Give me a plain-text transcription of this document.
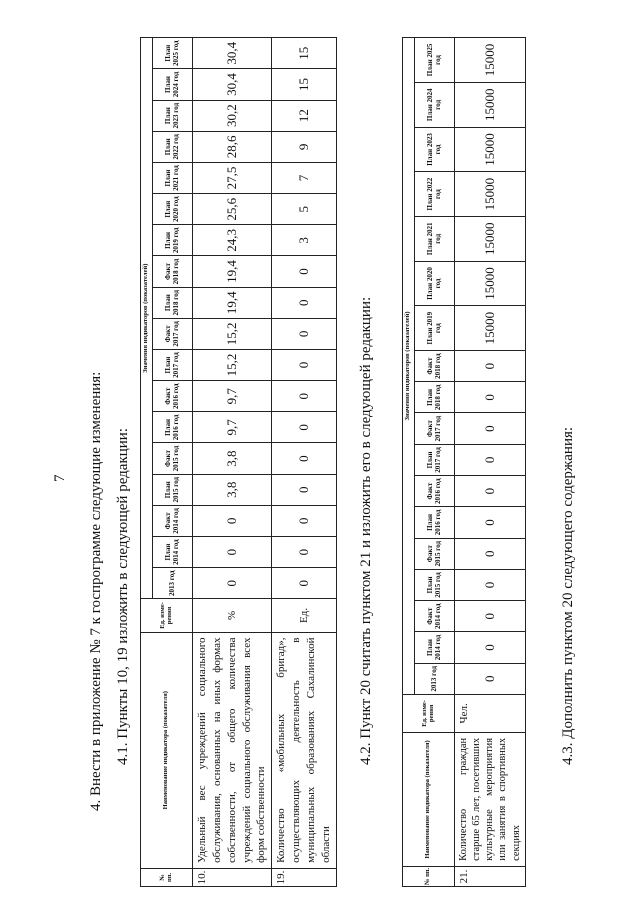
7 4. Внести в приложение № 7 к госпрограмме следующие изменения: 4.1. Пункты 10, 19 изложить в следующей редакции:
№ пп.	Наименование индикатора (показателя)	Ед. изме- рения	Значения индикаторов (показателей)																	
			2013 год	План 2014 год	Факт 2014 год	План 2015 год	Факт 2015 год	План 2016 год	Факт 2016 год	План 2017 год	Факт 2017 год	План 2018 год	Факт 2018 год	План 2019 год	План 2020 год	План 2021 год	План 2022 год	План 2023 год	План 2024 год	План 2025 год
10.	Удельный вес учреждений социального обслуживания, основанных на иных формах собственности, от общего количества учреждений социального обслуживания всех форм собственности	%	0	0	0	3,8	3,8	9,7	9,7	15,2	15,2	19,4	19,4	24,3	25,6	27,5	28,6	30,2	30,4	30,4
19.	Количество «мобильных бригад», осуществляющих деятельность в муниципальных образованиях Сахалинской области	Ед.	0	0	0	0	0	0	0	0	0	0	0	3	5	7	9	12	15	15
4.2. Пункт 20 считать пунктом 21 и изложить его в следующей редакции:
№ пп.	Наименование индикатора (показателя)	Ед. изме- рения	Значения индикаторов (показателей)																	
			2013 год	План 2014 год	Факт 2014 год	План 2015 год	Факт 2015 год	План 2016 год	Факт 2016 год	План 2017 год	Факт 2017 год	План 2018 год	Факт 2018 год	План 2019 год	План 2020 год	План 2021 год	План 2022 год	План 2023 год	План 2024 год	План 2025 год
21.	Количество граждан старше 65 лет, посетивших культурные мероприятия или занятия в спортивных секциях	Чел.	0	0	0	0	0	0	0	0	0	0	0	15000	15000	15000	15000	15000	15000	15000
4.3. Дополнить пунктом 20 следующего содержания:
